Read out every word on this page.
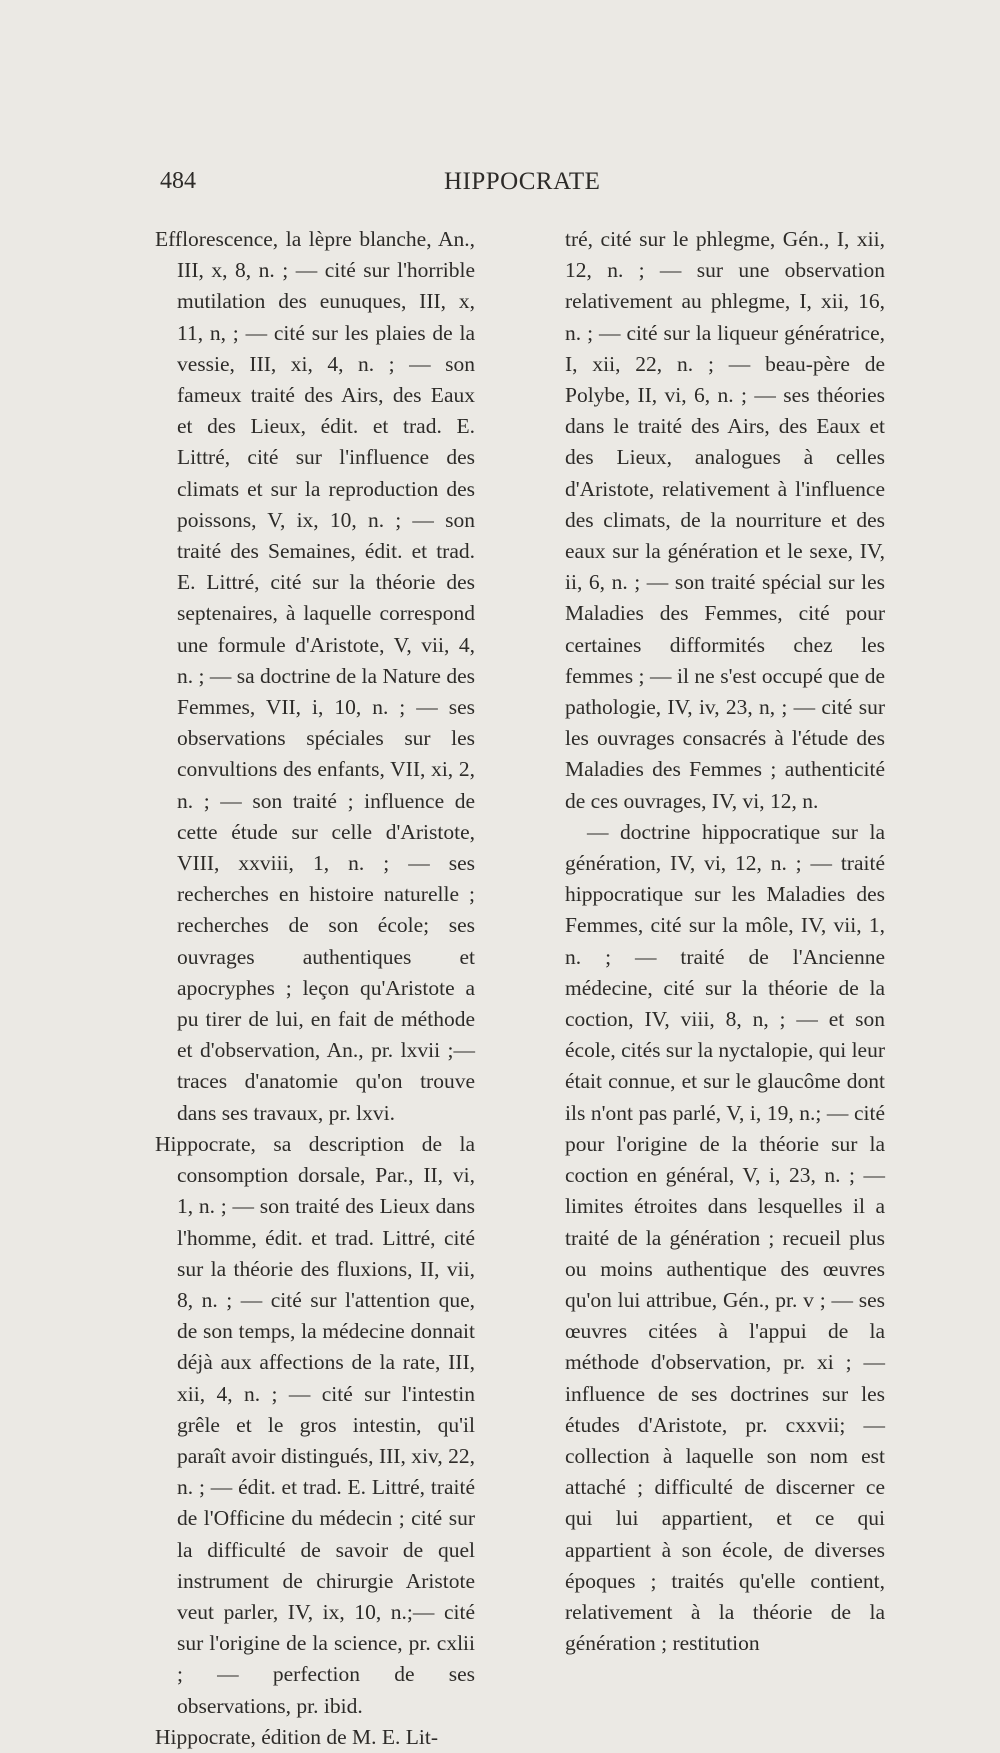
484	HIPPOCRATE

Efflorescence, la lèpre blanche, An., III, x, 8, n. ; — cité sur l'horrible mutilation des eunuques, III, x, 11, n, ; — cité sur les plaies de la vessie, III, xi, 4, n. ; — son fameux traité des Airs, des Eaux et des Lieux, édit. et trad. E. Littré, cité sur l'influence des climats et sur la reproduction des poissons, V, ix, 10, n. ; — son traité des Semaines, édit. et trad. E. Littré, cité sur la théorie des septenaires, à laquelle correspond une formule d'Aristote, V, vii, 4, n. ; — sa doctrine de la Nature des Femmes, VII, i, 10, n. ; — ses observations spéciales sur les convultions des enfants, VII, xi, 2, n. ; — son traité ; influence de cette étude sur celle d'Aristote, VIII, xxviii, 1, n. ; — ses recherches en histoire naturelle ; recherches de son école; ses ouvrages authentiques et apocryphes ; leçon qu'Aristote a pu tirer de lui, en fait de méthode et d'observation, An., pr. lxvii ;— traces d'anatomie qu'on trouve dans ses travaux, pr. lxvi.

Hippocrate, sa description de la consomption dorsale, Par., II, vi, 1, n. ; — son traité des Lieux dans l'homme, édit. et trad. Littré, cité sur la théorie des fluxions, II, vii, 8, n. ; — cité sur l'attention que, de son temps, la médecine donnait déjà aux affections de la rate, III, xii, 4, n. ; — cité sur l'intestin grêle et le gros intestin, qu'il paraît avoir distingués, III, xiv, 22, n. ; — édit. et trad. E. Littré, traité de l'Officine du médecin ; cité sur la difficulté de savoir de quel instrument de chirurgie Aristote veut parler, IV, ix, 10, n.;— cité sur l'origine de la science, pr. cxlii ; — perfection de ses observations, pr. ibid.

Hippocrate, édition de M. E. Lit-

tré, cité sur le phlegme, Gén., I, xii, 12, n. ; — sur une observation relativement au phlegme, I, xii, 16, n. ; — cité sur la liqueur génératrice, I, xii, 22, n. ; — beau-père de Polybe, II, vi, 6, n. ; — ses théories dans le traité des Airs, des Eaux et des Lieux, analogues à celles d'Aristote, relativement à l'influence des climats, de la nourriture et des eaux sur la génération et le sexe, IV, ii, 6, n. ; — son traité spécial sur les Maladies des Femmes, cité pour certaines difformités chez les femmes ; — il ne s'est occupé que de pathologie, IV, iv, 23, n, ; — cité sur les ouvrages consacrés à l'étude des Maladies des Femmes ; authenticité de ces ouvrages, IV, vi, 12, n.

— doctrine hippocratique sur la génération, IV, vi, 12, n. ; — traité hippocratique sur les Maladies des Femmes, cité sur la môle, IV, vii, 1, n. ; — traité de l'Ancienne médecine, cité sur la théorie de la coction, IV, viii, 8, n, ; — et son école, cités sur la nyctalopie, qui leur était connue, et sur le glaucôme dont ils n'ont pas parlé, V, i, 19, n.; — cité pour l'origine de la théorie sur la coction en général, V, i, 23, n. ; — limites étroites dans lesquelles il a traité de la génération ; recueil plus ou moins authentique des œuvres qu'on lui attribue, Gén., pr. v ; — ses œuvres citées à l'appui de la méthode d'observation, pr. xi ; — influence de ses doctrines sur les études d'Aristote, pr. cxxvii; — collection à laquelle son nom est attaché ; difficulté de discerner ce qui lui appartient, et ce qui appartient à son école, de diverses époques ; traités qu'elle contient, relativement à la théorie de la génération ; restitution
